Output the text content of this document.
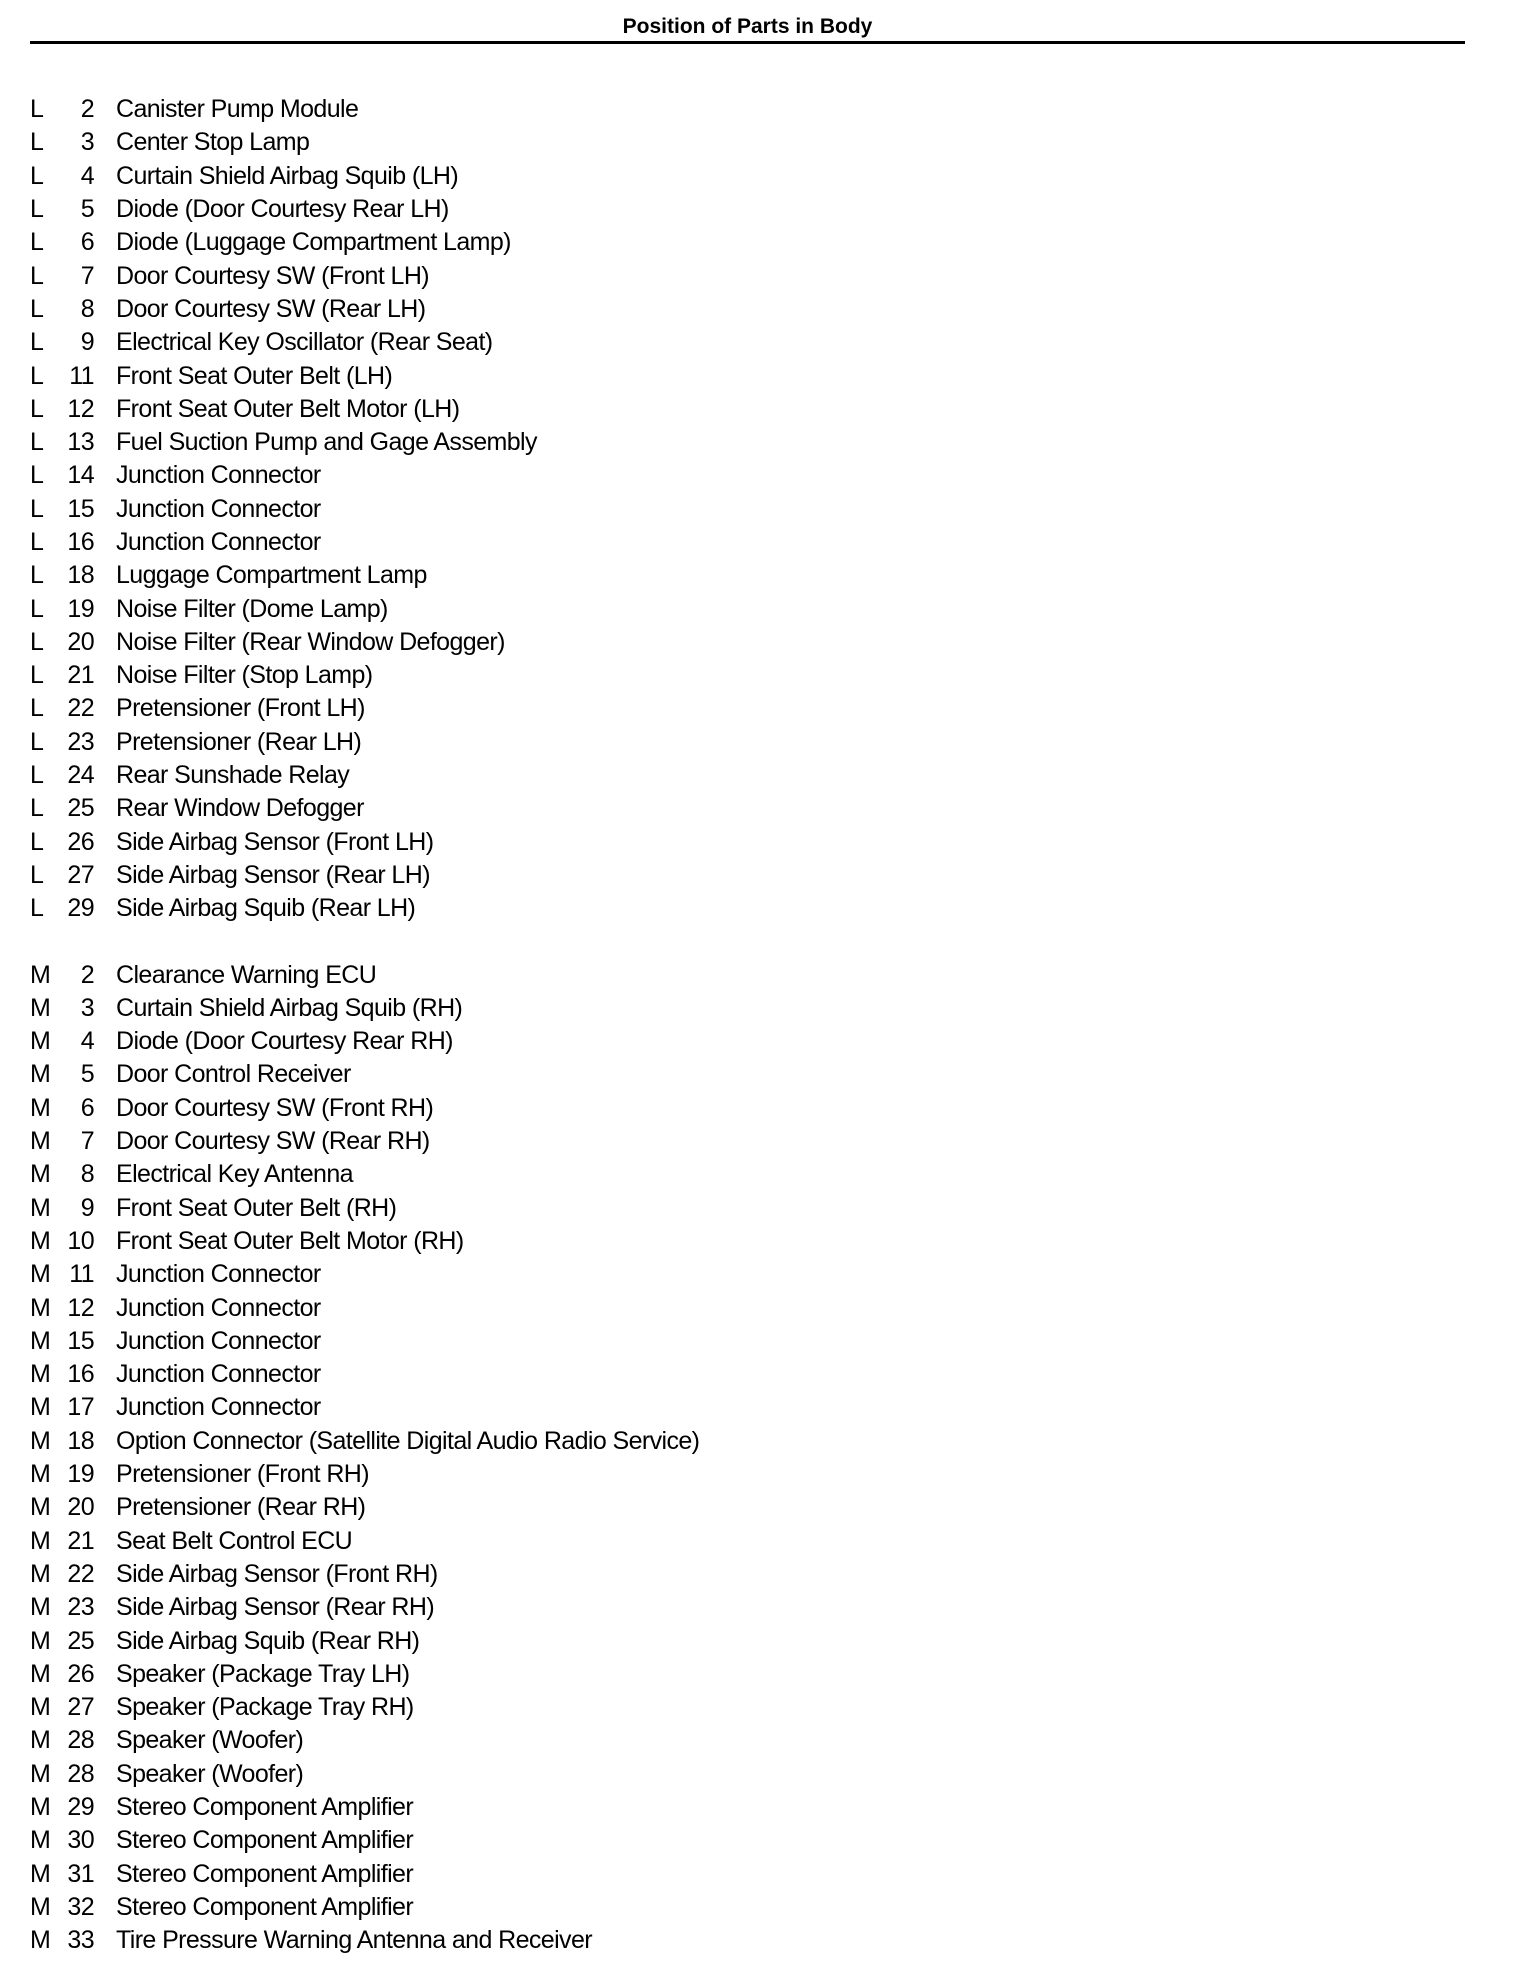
Position of Parts in Body
L	2 Canister Pump Module
L	3 Center Stop Lamp
L	4 Curtain Shield Airbag Squib (LH)
L	5 Diode (Door Courtesy Rear LH)
L	6 Diode (Luggage Compartment Lamp)
L	7 Door Courtesy SW (Front LH)
L	8 Door Courtesy SW (Rear LH)
L	9 Electrical Key Oscillator (Rear Seat)
L	11 Front Seat Outer Belt (LH)
L 12 Front Seat Outer Belt Motor (LH)
L 13 Fuel Suction Pump and Gage Assembly
L 14 Junction Connector
L 15 Junction Connector
L 16 Junction Connector
L 18 Luggage Compartment Lamp
L 19 Noise Filter (Dome Lamp)
L 20 Noise Filter (Rear Window Defogger)
L 21 Noise Filter (Stop Lamp)
L 22 Pretensioner (Front LH)
L 23 Pretensioner (Rear LH)
L 24 Rear Sunshade Relay
L 25 Rear Window Defogger
L 26 Side Airbag Sensor (Front LH)
L 27 Side Airbag Sensor (Rear LH)
L 29 Side Airbag Squib (Rear LH)
M	2 Clearance Warning ECU
M	3 Curtain Shield Airbag Squib (RH)
M	4 Diode (Door Courtesy Rear RH)
M	5 Door Control Receiver
M	6 Door Courtesy SW (Front RH)
M	7 Door Courtesy SW (Rear RH)
M	8 Electrical Key Antenna
M	9 Front Seat Outer Belt (RH)
M 10 Front Seat Outer Belt Motor (RH)
M 11 Junction Connector
M 12 Junction Connector
M 15 Junction Connector
M 16 Junction Connector
M 17 Junction Connector
M 18 Option Connector (Satellite Digital Audio Radio Service)
M 19 Pretensioner (Front RH)
M 20 Pretensioner (Rear RH)
M 21 Seat Belt Control ECU
M 22 Side Airbag Sensor (Front RH)
M 23 Side Airbag Sensor (Rear RH)
M 25 Side Airbag Squib (Rear RH)
M 26 Speaker (Package Tray LH)
M 27 Speaker (Package Tray RH)
M 28 Speaker (Woofer)
M 28 Speaker (Woofer)
M 29 Stereo Component Amplifier
M 30 Stereo Component Amplifier
M 31 Stereo Component Amplifier
M 32 Stereo Component Amplifier
M 33 Tire Pressure Warning Antenna and Receiver
